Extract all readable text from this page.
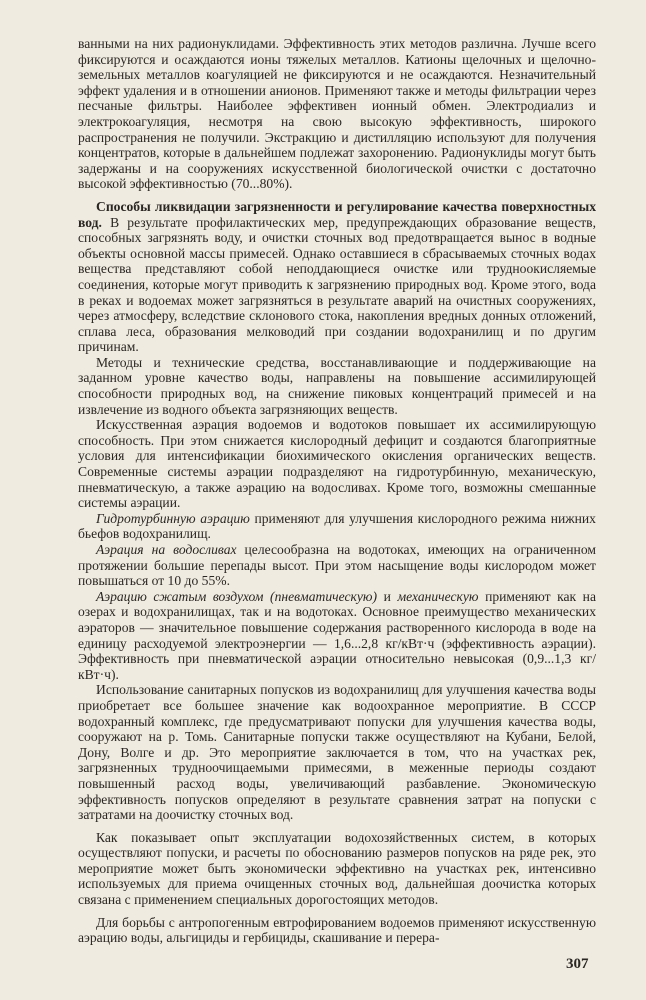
ванными на них радионуклидами. Эффективность этих методов различна. Лучше всего фиксируются и осаждаются ионы тяжелых металлов. Катионы щелочных и щелочно-земельных металлов коагуляцией не фиксируются и не осаждаются. Незначительный эффект удаления и в отношении анионов. Применяют также и методы фильтрации через песчаные фильтры. Наиболее эффективен ионный обмен. Электродиализ и электрокоагуляция, несмотря на свою высокую эффективность, широкого распространения не получили. Экстракцию и дистилляцию используют для получения концентратов, которые в дальнейшем подлежат захоронению. Радионуклиды могут быть задержаны и на сооружениях искусственной биологической очистки с достаточно высокой эффективностью (70...80%).

Способы ликвидации загрязненности и регулирование качества поверхностных вод. В результате профилактических мер, предупреждающих образование веществ, способных загрязнять воду, и очистки сточных вод предотвращается вынос в водные объекты основной массы примесей. Однако оставшиеся в сбрасываемых сточных водах вещества представляют собой неподдающиеся очистке или трудноокисляемые соединения, которые могут приводить к загрязнению природных вод. Кроме этого, вода в реках и водоемах может загрязняться в результате аварий на очистных сооружениях, через атмосферу, вследствие склонового стока, накопления вредных донных отложений, сплава леса, образования мелководий при создании водохранилищ и по другим причинам.

Методы и технические средства, восстанавливающие и поддерживающие на заданном уровне качество воды, направлены на повышение ассимилирующей способности природных вод, на снижение пиковых концентраций примесей и на извлечение из водного объекта загрязняющих веществ.

Искусственная аэрация водоемов и водотоков повышает их ассимилирующую способность. При этом снижается кислородный дефицит и создаются благоприятные условия для интенсификации биохимического окисления органических веществ. Современные системы аэрации подразделяют на гидротурбинную, механическую, пневматическую, а также аэрацию на водосливах. Кроме того, возможны смешанные системы аэрации.

Гидротурбинную аэрацию применяют для улучшения кислородного режима нижних бьефов водохранилищ.

Аэрация на водосливах целесообразна на водотоках, имеющих на ограниченном протяжении большие перепады высот. При этом насыщение воды кислородом может повышаться от 10 до 55%.

Аэрацию сжатым воздухом (пневматическую) и механическую применяют как на озерах и водохранилищах, так и на водотоках. Основное преимущество механических аэраторов — значительное повышение содержания растворенного кислорода в воде на единицу расходуемой электроэнергии — 1,6...2,8 кг/кВт·ч (эффективность аэрации). Эффективность при пневматической аэрации относительно невысокая (0,9...1,3 кг/кВт·ч).

Использование санитарных попусков из водохранилищ для улучшения качества воды приобретает все большее значение как водоохранное мероприятие. В СССР водохранный комплекс, где предусматривают попуски для улучшения качества воды, сооружают на р. Томь. Санитарные попуски также осуществляют на Кубани, Белой, Дону, Волге и др. Это мероприятие заключается в том, что на участках рек, загрязненных трудноочищаемыми примесями, в меженные периоды создают повышенный расход воды, увеличивающий разбавление. Экономическую эффективность попусков определяют в результате сравнения затрат на попуски с затратами на доочистку сточных вод.

Как показывает опыт эксплуатации водохозяйственных систем, в которых осуществляют попуски, и расчеты по обоснованию размеров попусков на ряде рек, это мероприятие может быть экономически эффективно на участках рек, интенсивно используемых для приема очищенных сточных вод, дальнейшая доочистка которых связана с применением специальных дорогостоящих методов.

Для борьбы с антропогенным евтрофированием водоемов применяют искусственную аэрацию воды, альгициды и гербициды, скашивание и перера-

307
